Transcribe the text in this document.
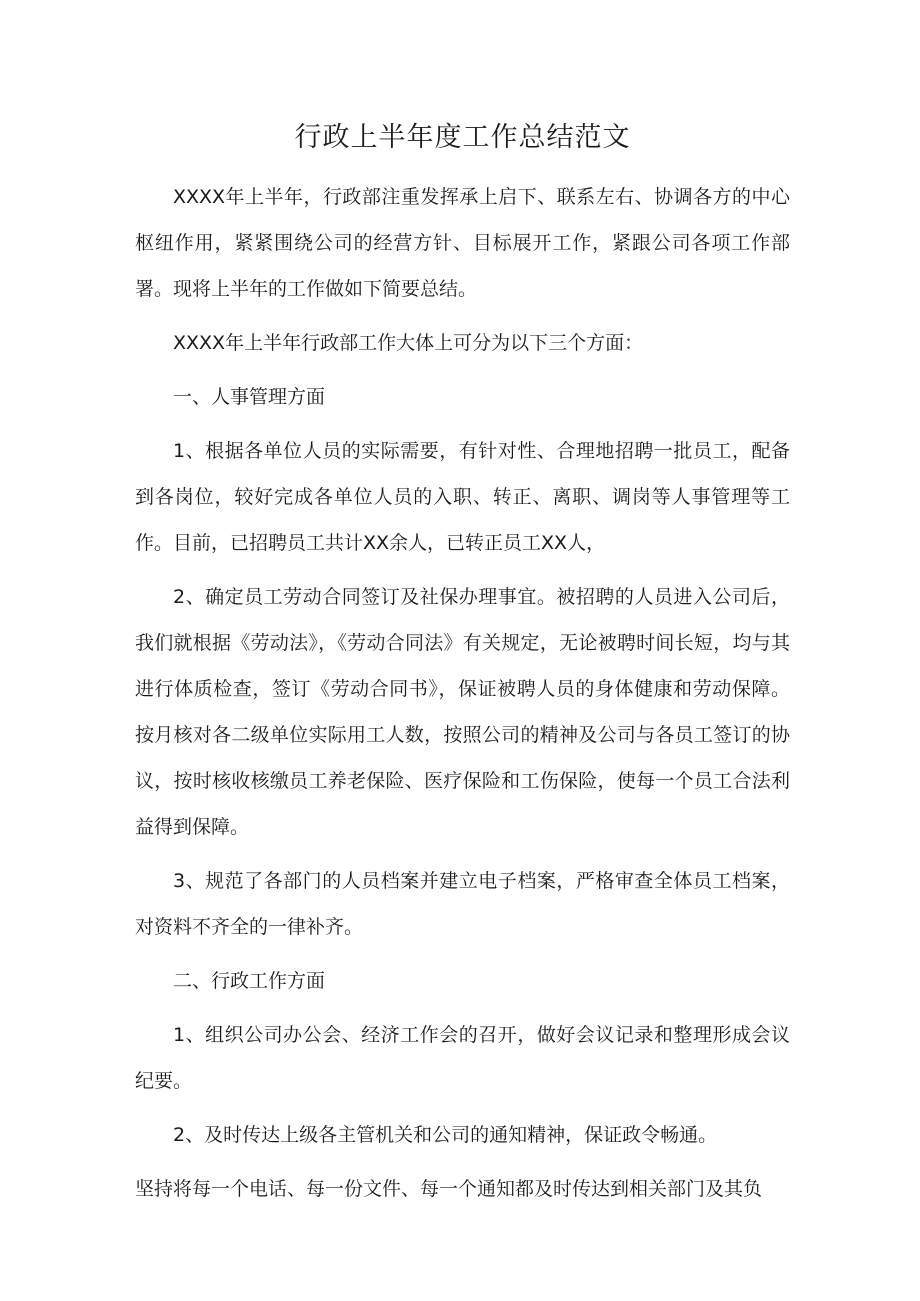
行政上半年度工作总结范文

XXXX年上半年，行政部注重发挥承上启下、联系左右、协调各方的中心枢纽作用，紧紧围绕公司的经营方针、目标展开工作，紧跟公司各项工作部署。现将上半年的工作做如下简要总结。

XXXX年上半年行政部工作大体上可分为以下三个方面：

一、人事管理方面

1、根据各单位人员的实际需要，有针对性、合理地招聘一批员工，配备到各岗位，较好完成各单位人员的入职、转正、离职、调岗等人事管理等工作。目前，已招聘员工共计XX余人，已转正员工XX人，

2、确定员工劳动合同签订及社保办理事宜。被招聘的人员进入公司后，我们就根据《劳动法》，《劳动合同法》有关规定，无论被聘时间长短，均与其进行体质检查，签订《劳动合同书》，保证被聘人员的身体健康和劳动保障。按月核对各二级单位实际用工人数，按照公司的精神及公司与各员工签订的协议，按时核收核缴员工养老保险、医疗保险和工伤保险，使每一个员工合法利益得到保障。

3、规范了各部门的人员档案并建立电子档案，严格审查全体员工档案，对资料不齐全的一律补齐。

二、行政工作方面

1、组织公司办公会、经济工作会的召开，做好会议记录和整理形成会议纪要。

2、及时传达上级各主管机关和公司的通知精神，保证政令畅通。

坚持将每一个电话、每一份文件、每一个通知都及时传达到相关部门及其负
